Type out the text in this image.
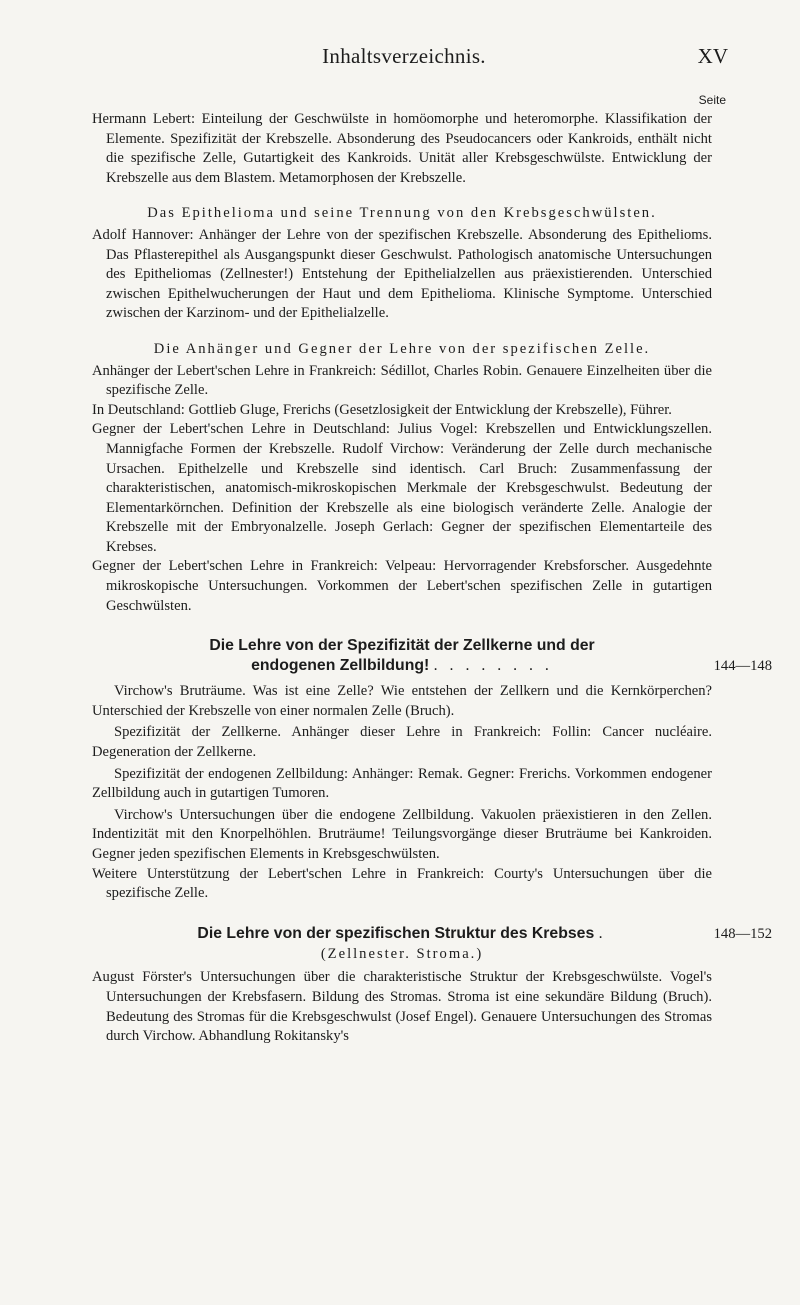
Inhaltsverzeichnis.	XV
Seite
Hermann Lebert: Einteilung der Geschwülste in homöomorphe und heteromorphe. Klassifikation der Elemente. Spezifizität der Krebszelle. Absonderung des Pseudocancers oder Kankroids, enthält nicht die spezifische Zelle, Gutartigkeit des Kankroids. Unität aller Krebsgeschwülste. Entwicklung der Krebszelle aus dem Blastem. Metamorphosen der Krebszelle.
Das Epithelioma und seine Trennung von den Krebsgeschwülsten.
Adolf Hannover: Anhänger der Lehre von der spezifischen Krebszelle. Absonderung des Epithelioms. Das Pflasterepithel als Ausgangspunkt dieser Geschwulst. Pathologisch anatomische Untersuchungen des Epitheliomas (Zellnester!) Entstehung der Epithelialzellen aus präexistierenden. Unterschied zwischen Epithelwucherungen der Haut und dem Epithelioma. Klinische Symptome. Unterschied zwischen der Karzinom- und der Epithelialzelle.
Die Anhänger und Gegner der Lehre von der spezifischen Zelle.
Anhänger der Lebert'schen Lehre in Frankreich: Sédillot, Charles Robin. Genauere Einzelheiten über die spezifische Zelle.
In Deutschland: Gottlieb Gluge, Frerichs (Gesetzlosigkeit der Entwicklung der Krebszelle), Führer.
Gegner der Lebert'schen Lehre in Deutschland: Julius Vogel: Krebszellen und Entwicklungszellen. Mannigfache Formen der Krebszelle. Rudolf Virchow: Veränderung der Zelle durch mechanische Ursachen. Epithelzelle und Krebszelle sind identisch. Carl Bruch: Zusammenfassung der charakteristischen, anatomisch-mikroskopischen Merkmale der Krebsgeschwulst. Bedeutung der Elementarkörnchen. Definition der Krebszelle als eine biologisch veränderte Zelle. Analogie der Krebszelle mit der Embryonalzelle. Joseph Gerlach: Gegner der spezifischen Elementarteile des Krebses.
Gegner der Lebert'schen Lehre in Frankreich: Velpeau: Hervorragender Krebsforscher. Ausgedehnte mikroskopische Untersuchungen. Vorkommen der Lebert'schen spezifischen Zelle in gutartigen Geschwülsten.
Die Lehre von der Spezifizität der Zellkerne und der
endogenen Zellbildung! . . . . . . . .	144—148
Virchow's Bruträume. Was ist eine Zelle? Wie entstehen der Zellkern und die Kernkörperchen? Unterschied der Krebszelle von einer normalen Zelle (Bruch).
Spezifizität der Zellkerne. Anhänger dieser Lehre in Frankreich: Follin: Cancer nucléaire. Degeneration der Zellkerne.
Spezifizität der endogenen Zellbildung: Anhänger: Remak. Gegner: Frerichs. Vorkommen endogener Zellbildung auch in gutartigen Tumoren.
Virchow's Untersuchungen über die endogene Zellbildung. Vakuolen präexistieren in den Zellen. Indentizität mit den Knorpelhöhlen. Bruträume! Teilungsvorgänge dieser Bruträume bei Kankroiden. Gegner jeden spezifischen Elements in Krebsgeschwülsten.
Weitere Unterstützung der Lebert'schen Lehre in Frankreich: Courty's Untersuchungen über die spezifische Zelle.
Die Lehre von der spezifischen Struktur des Krebses .	148—152
(Zellnester. Stroma.)
August Förster's Untersuchungen über die charakteristische Struktur der Krebsgeschwülste. Vogel's Untersuchungen der Krebsfasern. Bildung des Stromas. Stroma ist eine sekundäre Bildung (Bruch). Bedeutung des Stromas für die Krebsgeschwulst (Josef Engel). Genauere Untersuchungen des Stromas durch Virchow. Abhandlung Rokitansky's
